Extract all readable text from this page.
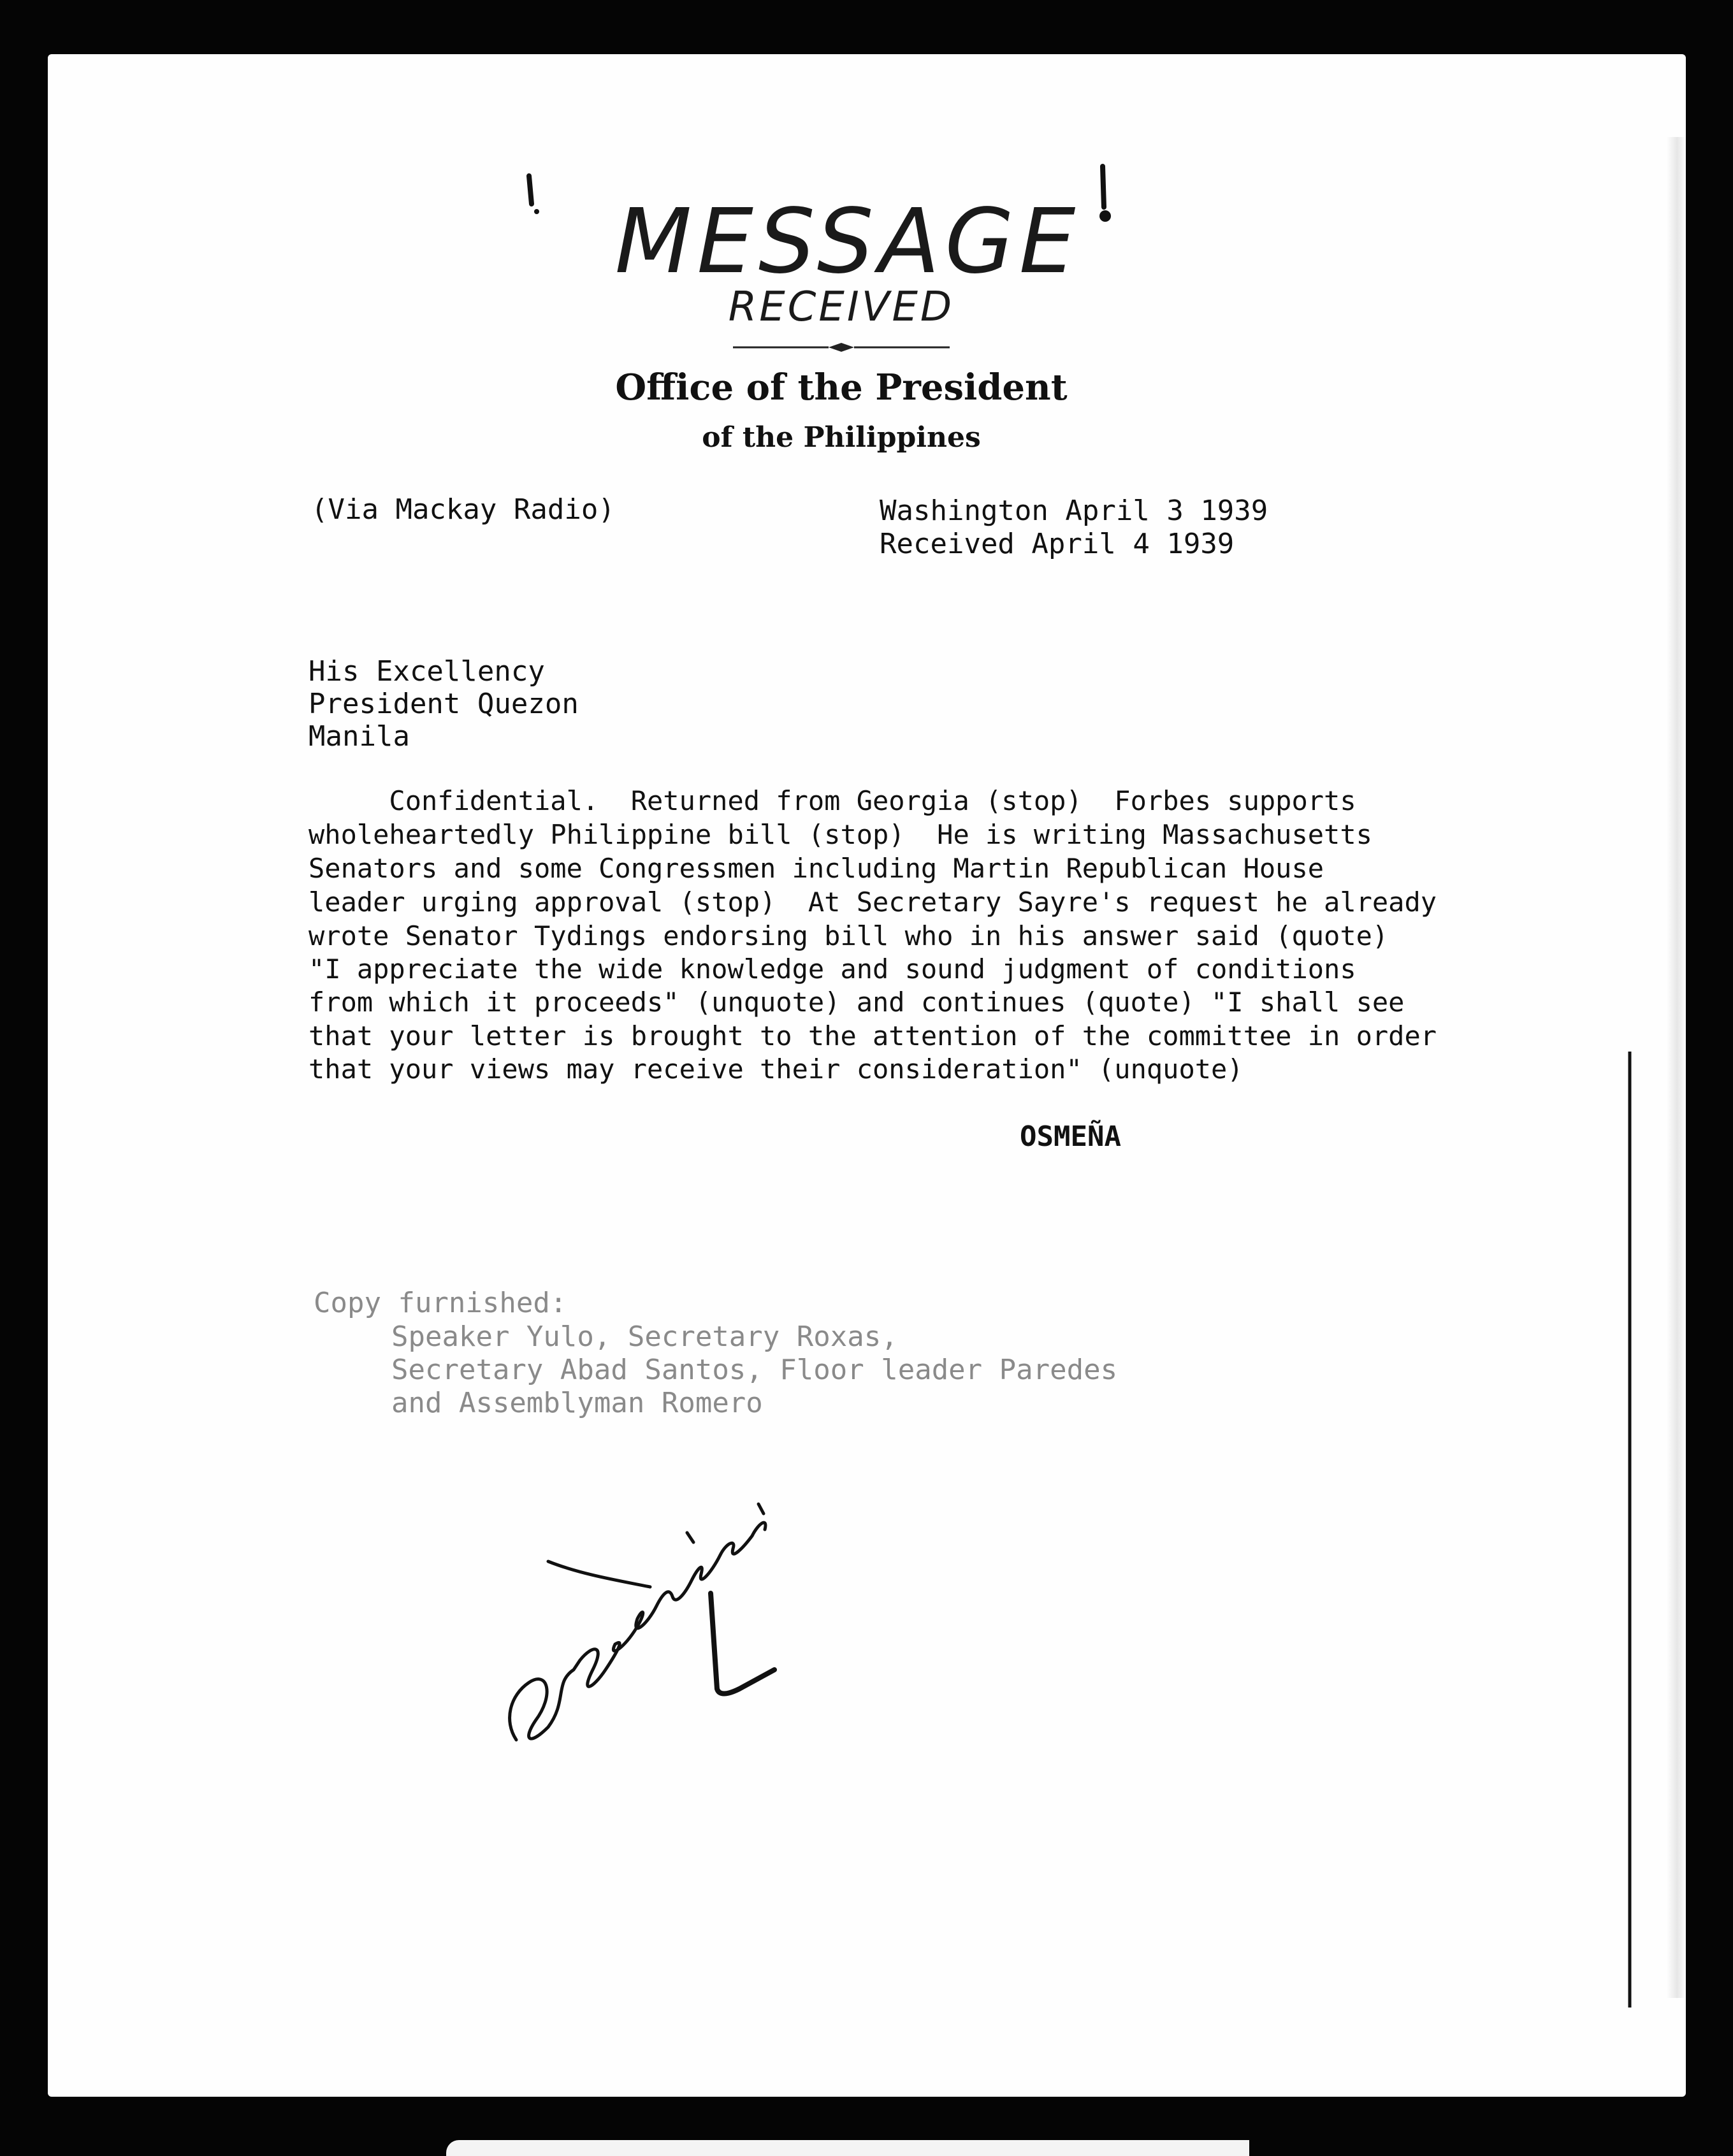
MESSAGE
RECEIVED
Office of the President
of the Philippines
(Via Mackay Radio)	Washington April 3 1939
Received April 4 1939
His Excellency
President Quezon
Manila
Confidential.  Returned from Georgia (stop)  Forbes supports
wholeheartedly Philippine bill (stop)  He is writing Massachusetts
Senators and some Congressmen including Martin Republican House
leader urging approval (stop)  At Secretary Sayre's request he already
wrote Senator Tydings endorsing bill who in his answer said (quote)
"I appreciate the wide knowledge and sound judgment of conditions
from which it proceeds" (unquote) and continues (quote) "I shall see
that your letter is brought to the attention of the committee in order
that your views may receive their consideration" (unquote)
OSMEÑA
Copy furnished:
Speaker Yulo, Secretary Roxas,
Secretary Abad Santos, Floor leader Paredes
and Assemblyman Romero
